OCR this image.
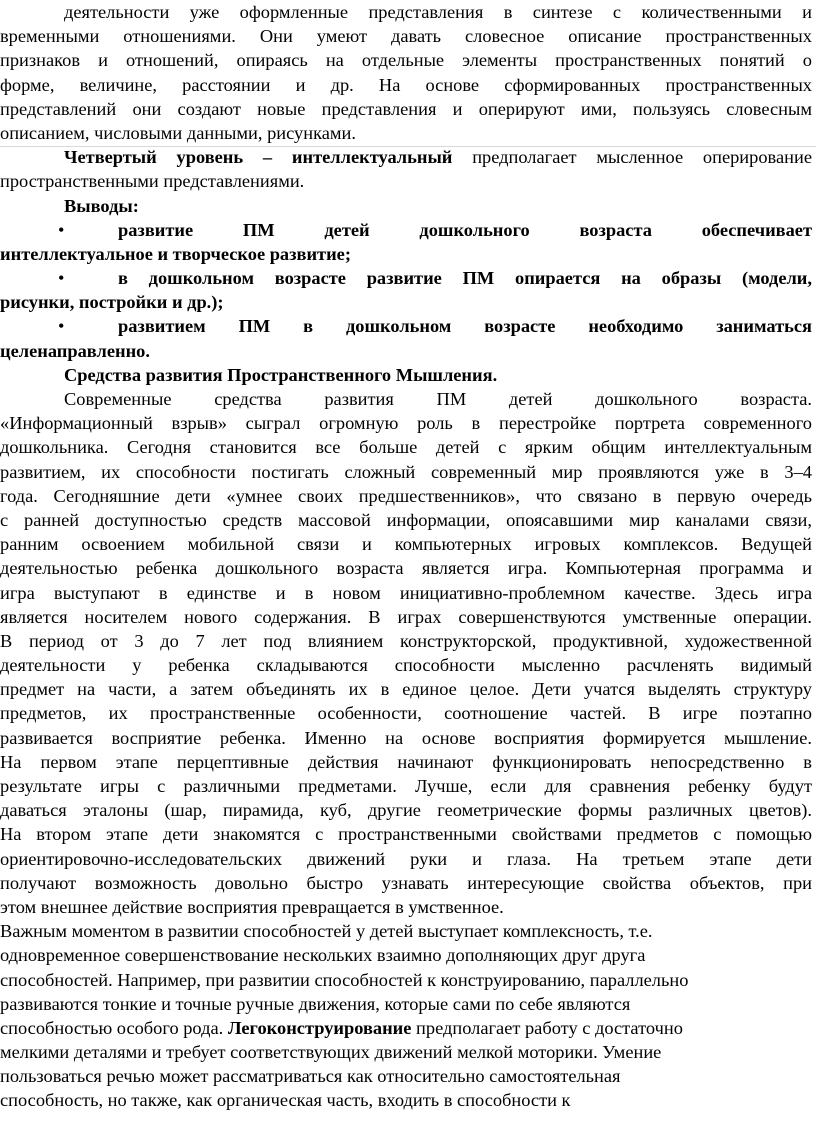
деятельности уже оформленные представления в синтезе с количественными и
временными отношениями. Они умеют давать словесное описание пространственных
признаков и отношений, опираясь на отдельные элементы пространственных понятий о
форме, величине, расстоянии и др. На основе сформированных пространственных
представлений они создают новые представления и оперируют ими, пользуясь словесным
описанием, числовыми данными, рисунками.
Четвертый уровень – интеллектуальный предполагает мысленное оперирование
пространственными представлениями.
Выводы:
•	развитие ПМ детей дошкольного возраста обеспечивает
интеллектуальное и творческое развитие;
•	в дошкольном возрасте развитие ПМ опирается на образы (модели,
рисунки, постройки и др.);
•	развитием ПМ в дошкольном возрасте необходимо заниматься
целенаправленно.
Средства развития Пространственного Мышления.
Современные средства развития ПМ детей дошкольного возраста.
«Информационный взрыв» сыграл огромную роль в перестройке портрета современного
дошкольника. Сегодня становится все больше детей с ярким общим интеллектуальным
развитием, их способности постигать сложный современный мир проявляются уже в 3–4
года. Сегодняшние дети «умнее своих предшественников», что связано в первую очередь
с ранней доступностью средств массовой информации, опоясавшими мир каналами связи,
ранним освоением мобильной связи и компьютерных игровых комплексов. Ведущей
деятельностью ребенка дошкольного возраста является игра. Компьютерная программа и
игра выступают в единстве и в новом инициативно-проблемном качестве. Здесь игра
является носителем нового содержания. В играх совершенствуются умственные операции.
В период от 3 до 7 лет под влиянием конструкторской, продуктивной, художественной
деятельности у ребенка складываются способности мысленно расчленять видимый
предмет на части, а затем объединять их в единое целое. Дети учатся выделять структуру
предметов, их пространственные особенности, соотношение частей. В игре поэтапно
развивается восприятие ребенка. Именно на основе восприятия формируется мышление.
На первом этапе перцептивные действия начинают функционировать непосредственно в
результате игры с различными предметами. Лучше, если для сравнения ребенку будут
даваться эталоны (шар, пирамида, куб, другие геометрические формы различных цветов).
На втором этапе дети знакомятся с пространственными свойствами предметов с помощью
ориентировочно-исследовательских движений руки и глаза. На третьем этапе дети
получают возможность довольно быстро узнавать интересующие свойства объектов, при
этом внешнее действие восприятия превращается в умственное.
Важным моментом в развитии способностей у детей выступает комплексность, т.е.
одновременное совершенствование нескольких взаимно дополняющих друг друга
способностей. Например, при развитии способностей к конструированию, параллельно
развиваются тонкие и точные ручные движения, которые сами по себе являются
способностью особого рода. Легоконструирование предполагает работу с достаточно
мелкими деталями и требует соответствующих движений мелкой моторики. Умение
пользоваться речью может рассматриваться как относительно самостоятельная
способность, но также, как органическая часть, входить в способности к
